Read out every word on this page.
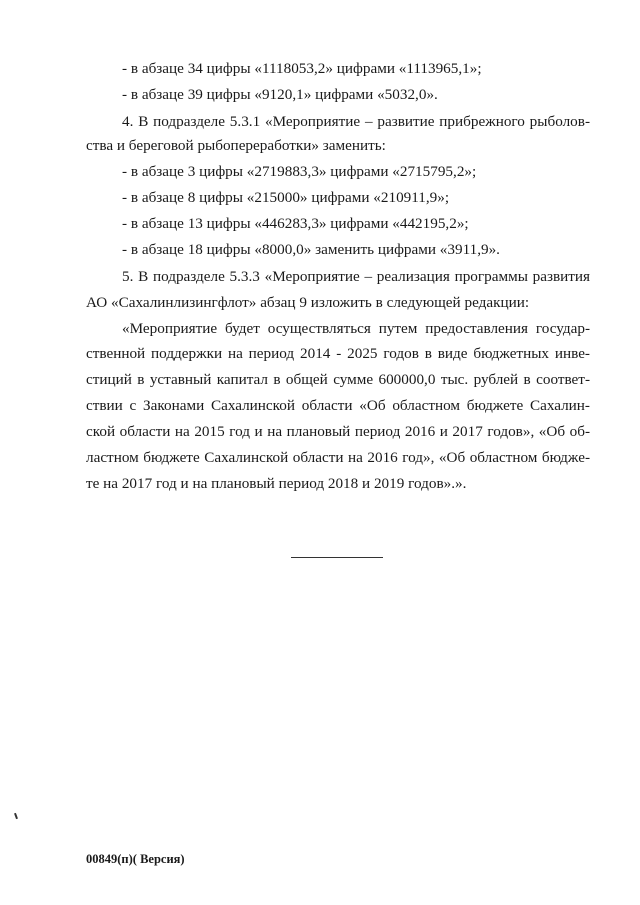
- в абзаце 34 цифры «1118053,2» цифрами «1113965,1»;
- в абзаце 39 цифры «9120,1» цифрами «5032,0».
4. В подразделе 5.3.1 «Мероприятие – развитие прибрежного рыболов-
ства и береговой рыбопереработки» заменить:
- в абзаце 3 цифры «2719883,3» цифрами «2715795,2»;
- в абзаце 8 цифры «215000» цифрами «210911,9»;
- в абзаце 13 цифры «446283,3» цифрами «442195,2»;
- в абзаце 18 цифры «8000,0» заменить цифрами «3911,9».
5. В подразделе 5.3.3 «Мероприятие – реализация программы развития
АО «Сахалинлизингфлот» абзац 9 изложить в следующей редакции:
«Мероприятие будет осуществляться путем предоставления государ-
ственной поддержки на период 2014 - 2025 годов в виде бюджетных инве-
стиций в уставный капитал в общей сумме 600000,0 тыс. рублей в соответ-
ствии с Законами Сахалинской области «Об областном бюджете Сахалин-
ской области на 2015 год и на плановый период 2016 и 2017 годов», «Об об-
ластном бюджете Сахалинской области на 2016 год», «Об областном бюдже-
те на 2017 год и на плановый период 2018 и 2019 годов».».
00849(п)( Версия)
